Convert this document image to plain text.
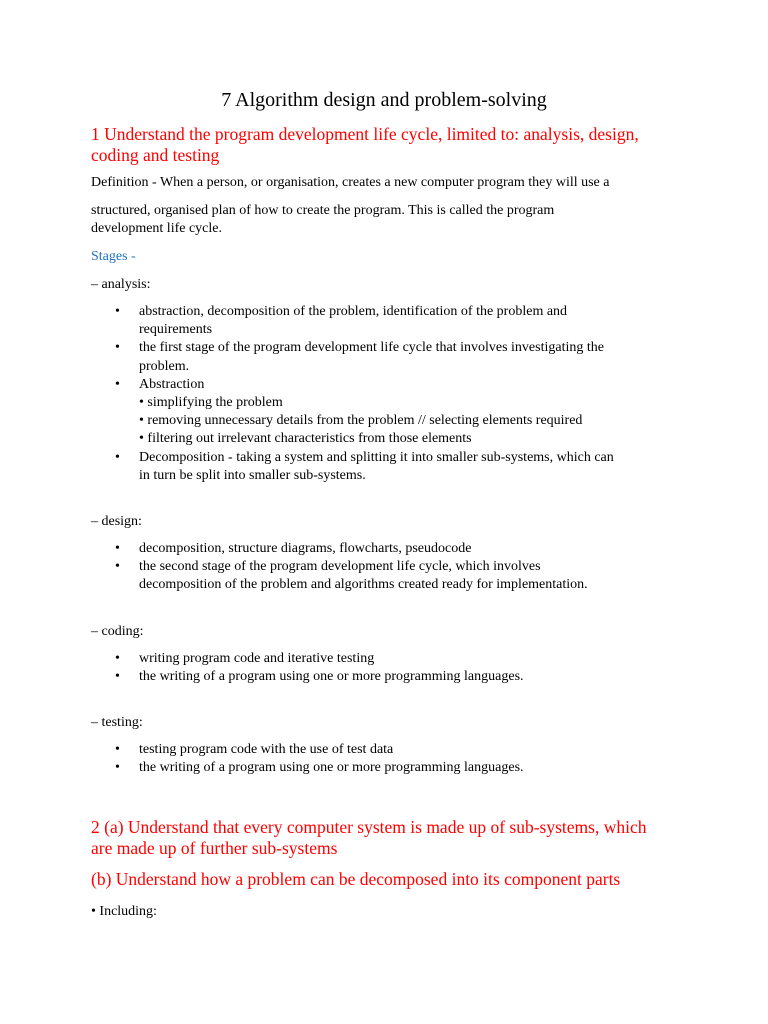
7 Algorithm design and problem-solving
1 Understand the program development life cycle, limited to: analysis, design,
coding and testing
Definition - When a person, or organisation, creates a new computer program they will use a
structured, organised plan of how to create the program. This is called the program
development life cycle.
Stages -
– analysis:
• abstraction, decomposition of the problem, identification of the problem and
requirements
• the first stage of the program development life cycle that involves investigating the
problem.
• Abstraction
• simplifying the problem
• removing unnecessary details from the problem // selecting elements required
• filtering out irrelevant characteristics from those elements
• Decomposition - taking a system and splitting it into smaller sub-systems, which can
in turn be split into smaller sub-systems.
– design:
• decomposition, structure diagrams, flowcharts, pseudocode
• the second stage of the program development life cycle, which involves
decomposition of the problem and algorithms created ready for implementation.
– coding:
• writing program code and iterative testing
• the writing of a program using one or more programming languages.
– testing:
• testing program code with the use of test data
• the writing of a program using one or more programming languages.
2 (a) Understand that every computer system is made up of sub-systems, which
are made up of further sub-systems
(b) Understand how a problem can be decomposed into its component parts
• Including:
